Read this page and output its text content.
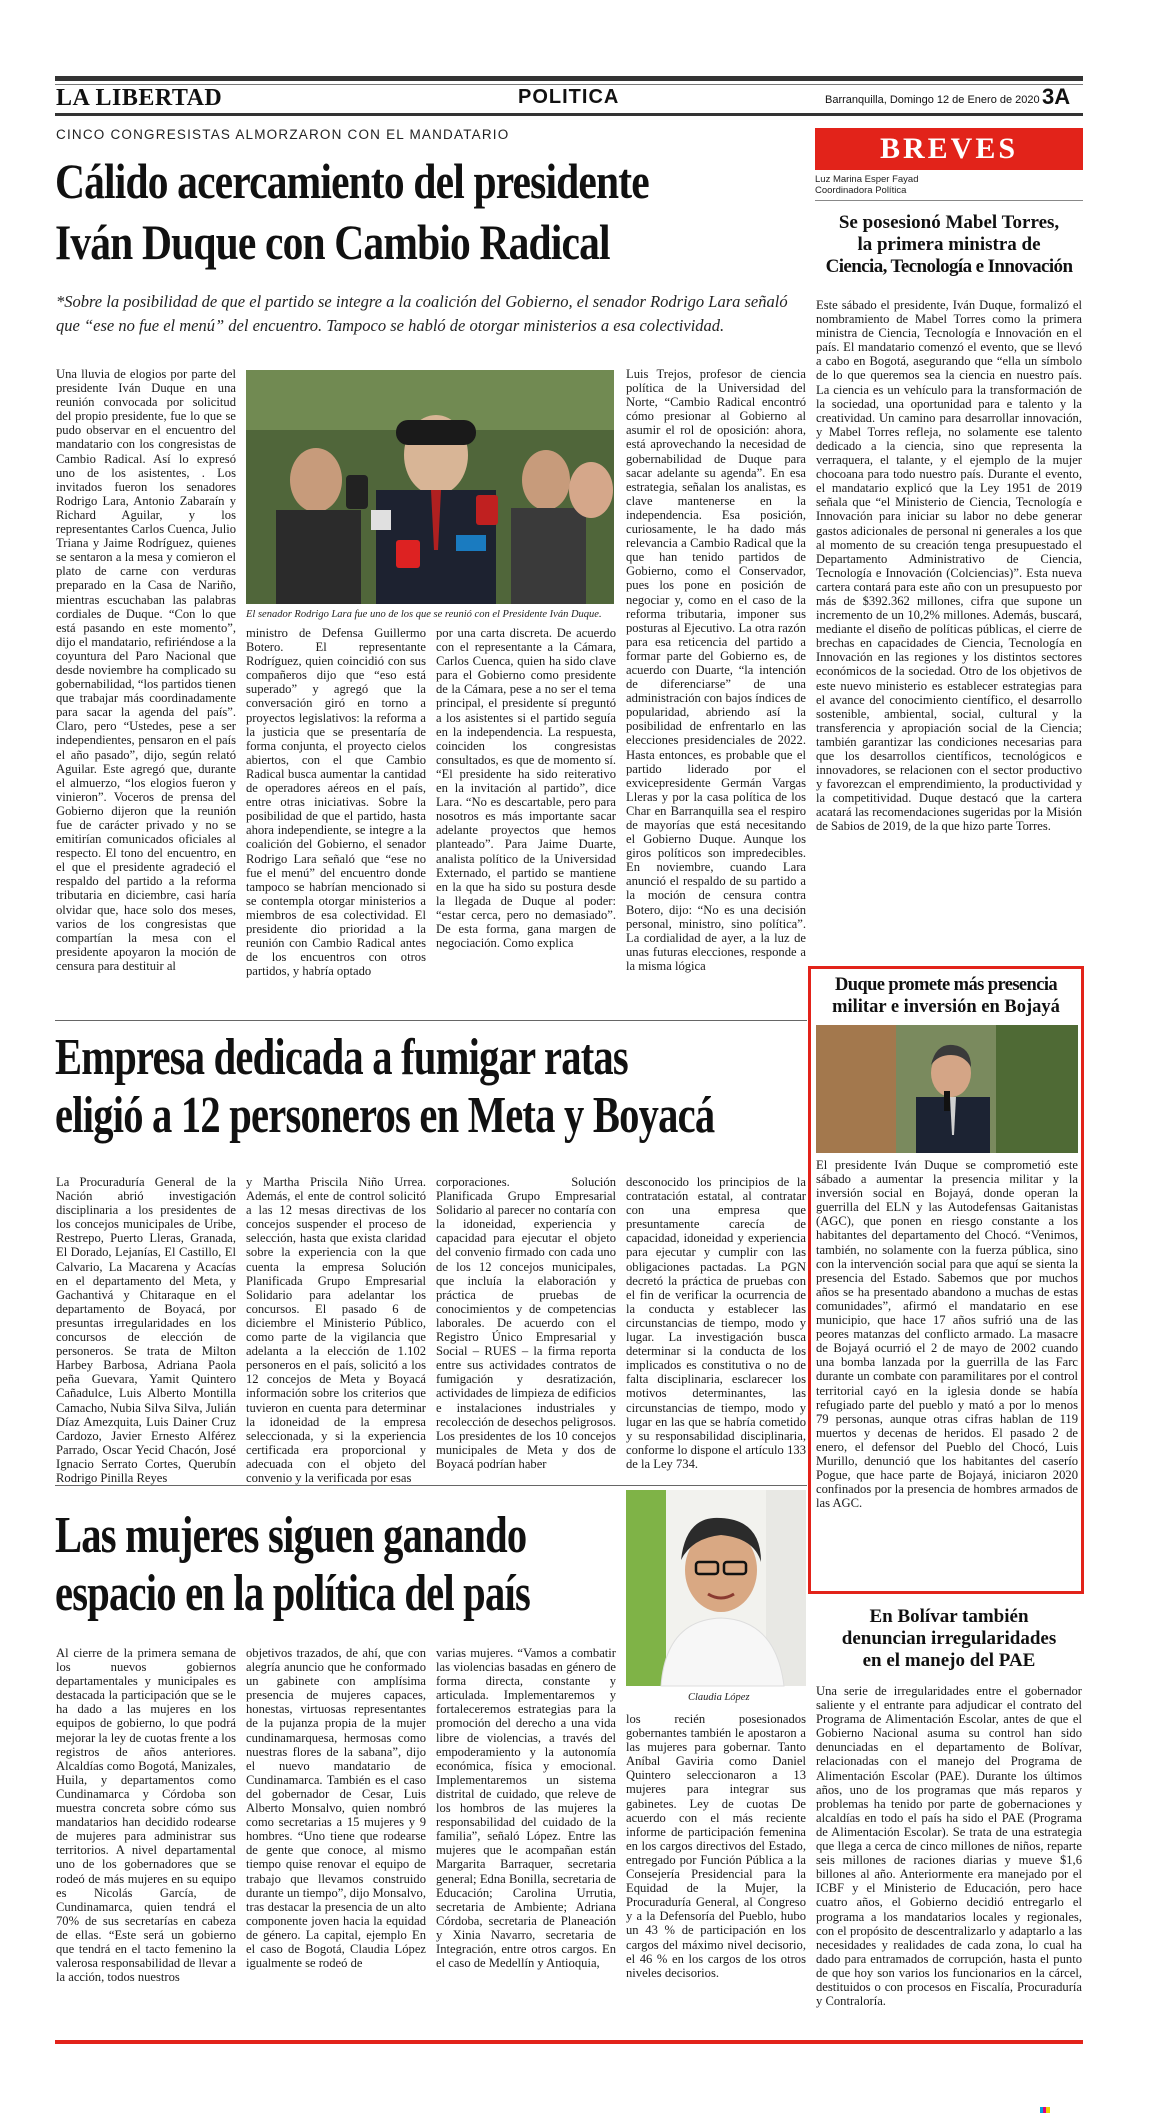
LA LIBERTAD	POLITICA	Barranquilla, Domingo 12 de Enero de 2020 3A
CINCO CONGRESISTAS ALMORZARON CON EL MANDATARIO
Cálido acercamiento del presidente
Iván Duque con Cambio Radical
*Sobre la posibilidad de que el partido se integre a la coalición del Gobierno, el senador Rodrigo Lara señaló que “ese no fue el menú” del encuentro. Tampoco se habló de otorgar ministerios a esa colectividad.
El senador Rodrigo Lara fue uno de los que se reunió con el Presidente Iván Duque.
Una lluvia de elogios por parte del presidente Iván Duque en una reunión convocada por solicitud del propio presidente, fue lo que se pudo observar en el encuentro del mandatario con los congresistas de Cambio Radical. Así lo expresó uno de los asistentes, . Los invitados fueron los senadores Rodrigo Lara, Antonio Zabaraín y Richard Aguilar, y los representantes Carlos Cuenca, Julio Triana y Jaime Rodríguez, quienes se sentaron a la mesa y comieron el plato de carne con verduras preparado en la Casa de Nariño, mientras escuchaban las palabras cordiales de Duque. “Con lo que está pasando en este momento”, dijo el mandatario, refiriéndose a la coyuntura del Paro Nacional que desde noviembre ha complicado su gobernabilidad, “los partidos tienen que trabajar más coordinadamente para sacar la agenda del país”. Claro, pero “Ustedes, pese a ser independientes, pensaron en el país el año pasado”, dijo, según relató Aguilar. Este agregó que, durante el almuerzo, “los elogios fueron y vinieron”. Voceros de prensa del Gobierno dijeron que la reunión fue de carácter privado y no se emitirían comunicados oficiales al respecto. El tono del encuentro, en el que el presidente agradeció el respaldo del partido a la reforma tributaria en diciembre, casi haría olvidar que, hace solo dos meses, varios de los congresistas que compartían la mesa con el presidente apoyaron la moción de censura para destituir al
ministro de Defensa Guillermo Botero. El representante Rodríguez, quien coincidió con sus compañeros dijo que “eso está superado” y agregó que la conversación giró en torno a proyectos legislativos: la reforma a la justicia que se presentaría de forma conjunta, el proyecto cielos abiertos, con el que Cambio Radical busca aumentar la cantidad de operadores aéreos en el país, entre otras iniciativas. Sobre la posibilidad de que el partido, hasta ahora independiente, se integre a la coalición del Gobierno, el senador Rodrigo Lara señaló que “ese no fue el menú” del encuentro donde tampoco se habrían mencionado si se contempla otorgar ministerios a miembros de esa colectividad. El presidente dio prioridad a la reunión con Cambio Radical antes de los encuentros con otros partidos, y habría optado
por una carta discreta. De acuerdo con el representante a la Cámara, Carlos Cuenca, quien ha sido clave para el Gobierno como presidente de la Cámara, pese a no ser el tema principal, el presidente sí preguntó a los asistentes si el partido seguía en la independencia. La respuesta, coinciden los congresistas consultados, es que de momento sí. “El presidente ha sido reiterativo en la invitación al partido”, dice Lara. “No es descartable, pero para nosotros es más importante sacar adelante proyectos que hemos planteado”. Para Jaime Duarte, analista político de la Universidad Externado, el partido se mantiene en la que ha sido su postura desde la llegada de Duque al poder: “estar cerca, pero no demasiado”. De esta forma, gana margen de negociación. Como explica
Luis Trejos, profesor de ciencia política de la Universidad del Norte, “Cambio Radical encontró cómo presionar al Gobierno al asumir el rol de oposición: ahora, está aprovechando la necesidad de gobernabilidad de Duque para sacar adelante su agenda”. En esa estrategia, señalan los analistas, es clave mantenerse en la independencia. Esa posición, curiosamente, le ha dado más relevancia a Cambio Radical que la que han tenido partidos de Gobierno, como el Conservador, pues los pone en posición de negociar y, como en el caso de la reforma tributaria, imponer sus posturas al Ejecutivo. La otra razón para esa reticencia del partido a formar parte del Gobierno es, de acuerdo con Duarte, “la intención de diferenciarse” de una administración con bajos índices de popularidad, abriendo así la posibilidad de enfrentarlo en las elecciones presidenciales de 2022. Hasta entonces, es probable que el partido liderado por el exvicepresidente Germán Vargas Lleras y por la casa política de los Char en Barranquilla sea el respiro de mayorías que está necesitando el Gobierno Duque. Aunque los giros políticos son impredecibles. En noviembre, cuando Lara anunció el respaldo de su partido a la moción de censura contra Botero, dijo: “No es una decisión personal, ministro, sino política”. La cordialidad de ayer, a la luz de unas futuras elecciones, responde a la misma lógica
Empresa dedicada a fumigar ratas
eligió a 12 personeros en Meta y Boyacá
La Procuraduría General de la Nación abrió investigación disciplinaria a los presidentes de los concejos municipales de Uribe, Restrepo, Puerto Lleras, Granada, El Dorado, Lejanías, El Castillo, El Calvario, La Macarena y Acacías en el departamento del Meta, y Gachantivá y Chitaraque en el departamento de Boyacá, por presuntas irregularidades en los concursos de elección de personeros. Se trata de Milton Harbey Barbosa, Adriana Paola peña Guevara, Yamit Quintero Cañadulce, Luis Alberto Montilla Camacho, Nubia Silva Silva, Julián Díaz Amezquita, Luis Dainer Cruz Cardozo, Javier Ernesto Alférez Parrado, Oscar Yecid Chacón, José Ignacio Serrato Cortes, Querubín Rodrigo Pinilla Reyes
y Martha Priscila Niño Urrea. Además, el ente de control solicitó a las 12 mesas directivas de los concejos suspender el proceso de selección, hasta que exista claridad sobre la experiencia con la que cuenta la empresa Solución Planificada Grupo Empresarial Solidario para adelantar los concursos. El pasado 6 de diciembre el Ministerio Público, como parte de la vigilancia que adelanta a la elección de 1.102 personeros en el país, solicitó a los 12 concejos de Meta y Boyacá información sobre los criterios que tuvieron en cuenta para determinar la idoneidad de la empresa seleccionada, y si la experiencia certificada era proporcional y adecuada con el objeto del convenio y la verificada por esas
corporaciones. Solución Planificada Grupo Empresarial Solidario al parecer no contaría con la idoneidad, experiencia y capacidad para ejecutar el objeto del convenio firmado con cada uno de los 12 concejos municipales, que incluía la elaboración y práctica de pruebas de conocimientos y de competencias laborales. De acuerdo con el Registro Único Empresarial y Social – RUES – la firma reporta entre sus actividades contratos de fumigación y desratización, actividades de limpieza de edificios e instalaciones industriales y recolección de desechos peligrosos. Los presidentes de los 10 concejos municipales de Meta y dos de Boyacá podrían haber
desconocido los principios de la contratación estatal, al contratar con una empresa que presuntamente carecía de capacidad, idoneidad y experiencia para ejecutar y cumplir con las obligaciones pactadas. La PGN decretó la práctica de pruebas con el fin de verificar la ocurrencia de la conducta y establecer las circunstancias de tiempo, modo y lugar. La investigación busca determinar si la conducta de los implicados es constitutiva o no de falta disciplinaria, esclarecer los motivos determinantes, las circunstancias de tiempo, modo y lugar en las que se habría cometido y su responsabilidad disciplinaria, conforme lo dispone el artículo 133 de la Ley 734.
Las mujeres siguen ganando
espacio en la política del país
Claudia López
Al cierre de la primera semana de los nuevos gobiernos departamentales y municipales es destacada la participación que se le ha dado a las mujeres en los equipos de gobierno, lo que podrá mejorar la ley de cuotas frente a los registros de años anteriores. Alcaldías como Bogotá, Manizales, Huila, y departamentos como Cundinamarca y Córdoba son muestra concreta sobre cómo sus mandatarios han decidido rodearse de mujeres para administrar sus territorios. A nivel departamental uno de los gobernadores que se rodeó de más mujeres en su equipo es Nicolás García, de Cundinamarca, quien tendrá el 70% de sus secretarías en cabeza de ellas. “Este será un gobierno que tendrá en el tacto femenino la valerosa responsabilidad de llevar a la acción, todos nuestros
objetivos trazados, de ahí, que con alegría anuncio que he conformado un gabinete con amplísima presencia de mujeres capaces, honestas, virtuosas representantes de la pujanza propia de la mujer cundinamarquesa, hermosas como nuestras flores de la sabana”, dijo el nuevo mandatario de Cundinamarca. También es el caso del gobernador de Cesar, Luis Alberto Monsalvo, quien nombró como secretarias a 15 mujeres y 9 hombres. “Uno tiene que rodearse de gente que conoce, al mismo tiempo quise renovar el equipo de trabajo que llevamos construido durante un tiempo”, dijo Monsalvo, tras destacar la presencia de un alto componente joven hacia la equidad de género. La capital, ejemplo En el caso de Bogotá, Claudia López igualmente se rodeó de
varias mujeres. “Vamos a combatir las violencias basadas en género de forma directa, constante y articulada. Implementaremos y fortaleceremos estrategias para la promoción del derecho a una vida libre de violencias, a través del empoderamiento y la autonomía económica, física y emocional. Implementaremos un sistema distrital de cuidado, que releve de los hombros de las mujeres la responsabilidad del cuidado de la familia”, señaló López. Entre las mujeres que le acompañan están Margarita Barraquer, secretaria general; Edna Bonilla, secretaria de Educación; Carolina Urrutia, secretaria de Ambiente; Adriana Córdoba, secretaria de Planeación y Xinia Navarro, secretaria de Integración, entre otros cargos. En el caso de Medellín y Antioquia,
los recién posesionados gobernantes también le apostaron a las mujeres para gobernar. Tanto Aníbal Gaviria como Daniel Quintero seleccionaron a 13 mujeres para integrar sus gabinetes. Ley de cuotas De acuerdo con el más reciente informe de participación femenina en los cargos directivos del Estado, entregado por Función Pública a la Consejería Presidencial para la Equidad de la Mujer, la Procuraduría General, al Congreso y a la Defensoría del Pueblo, hubo un 43 % de participación en los cargos del máximo nivel decisorio, el 46 % en los cargos de los otros niveles decisorios.
BREVES
Luz Marina Esper Fayad
Coordinadora Política
Se posesionó Mabel Torres,
la primera ministra de
Ciencia, Tecnología e Innovación
Este sábado el presidente, Iván Duque, formalizó el nombramiento de Mabel Torres como la primera ministra de Ciencia, Tecnología e Innovación en el país. El mandatario comenzó el evento, que se llevó a cabo en Bogotá, asegurando que “ella un símbolo de lo que queremos sea la ciencia en nuestro país. La ciencia es un vehículo para la transformación de la sociedad, una oportunidad para e talento y la creatividad. Un camino para desarrollar innovación, y Mabel Torres refleja, no solamente ese talento dedicado a la ciencia, sino que representa la verraquera, el talante, y el ejemplo de la mujer chocoana para todo nuestro país. Durante el evento, el mandatario explicó que la Ley 1951 de 2019 señala que “el Ministerio de Ciencia, Tecnología e Innovación para iniciar su labor no debe generar gastos adicionales de personal ni generales a los que al momento de su creación tenga presupuestado el Departamento Administrativo de Ciencia, Tecnología e Innovación (Colciencias)”. Esta nueva cartera contará para este año con un presupuesto por más de $392.362 millones, cifra que supone un incremento de un 10,2% millones. Además, buscará, mediante el diseño de políticas públicas, el cierre de brechas en capacidades de Ciencia, Tecnología en Innovación en las regiones y los distintos sectores económicos de la sociedad. Otro de los objetivos de este nuevo ministerio es establecer estrategias para el avance del conocimiento científico, el desarrollo sostenible, ambiental, social, cultural y la transferencia y apropiación social de la Ciencia; también garantizar las condiciones necesarias para que los desarrollos científicos, tecnológicos e innovadores, se relacionen con el sector productivo y favorezcan el emprendimiento, la productividad y la competitividad. Duque destacó que la cartera acatará las recomendaciones sugeridas por la Misión de Sabios de 2019, de la que hizo parte Torres.
Duque promete más presencia
militar e inversión en Bojayá
El presidente Iván Duque se comprometió este sábado a aumentar la presencia militar y la inversión social en Bojayá, donde operan la guerrilla del ELN y las Autodefensas Gaitanistas (AGC), que ponen en riesgo constante a los habitantes del departamento del Chocó. “Venimos, también, no solamente con la fuerza pública, sino con la intervención social para que aquí se sienta la presencia del Estado. Sabemos que por muchos años se ha presentado abandono a muchas de estas comunidades”, afirmó el mandatario en ese municipio, que hace 17 años sufrió una de las peores matanzas del conflicto armado. La masacre de Bojayá ocurrió el 2 de mayo de 2002 cuando una bomba lanzada por la guerrilla de las Farc durante un combate con paramilitares por el control territorial cayó en la iglesia donde se había refugiado parte del pueblo y mató a por lo menos 79 personas, aunque otras cifras hablan de 119 muertos y decenas de heridos. El pasado 2 de enero, el defensor del Pueblo del Chocó, Luis Murillo, denunció que los habitantes del caserío Pogue, que hace parte de Bojayá, iniciaron 2020 confinados por la presencia de hombres armados de las AGC.
En Bolívar también
denuncian irregularidades
en el manejo del PAE
Una serie de irregularidades entre el gobernador saliente y el entrante para adjudicar el contrato del Programa de Alimentación Escolar, antes de que el Gobierno Nacional asuma su control han sido denunciadas en el departamento de Bolívar, relacionadas con el manejo del Programa de Alimentación Escolar (PAE). Durante los últimos años, uno de los programas que más reparos y problemas ha tenido por parte de gobernaciones y alcaldías en todo el país ha sido el PAE (Programa de Alimentación Escolar). Se trata de una estrategia que llega a cerca de cinco millones de niños, reparte seis millones de raciones diarias y mueve $1,6 billones al año. Anteriormente era manejado por el ICBF y el Ministerio de Educación, pero hace cuatro años, el Gobierno decidió entregarlo el programa a los mandatarios locales y regionales, con el propósito de descentralizarlo y adaptarlo a las necesidades y realidades de cada zona, lo cual ha dado para entramados de corrupción, hasta el punto de que hoy son varios los funcionarios en la cárcel, destituidos o con procesos en Fiscalía, Procuraduría y Contraloría.
